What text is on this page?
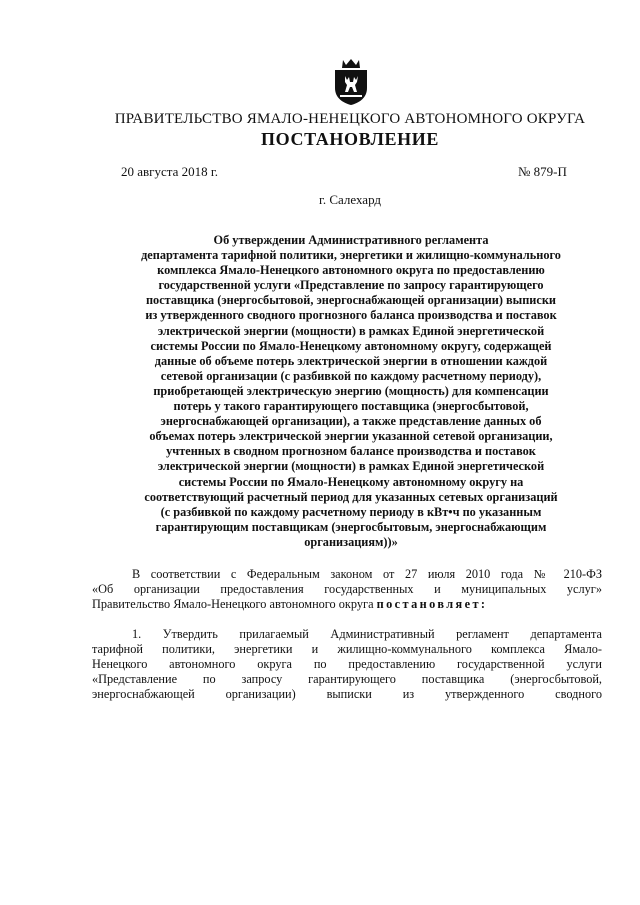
ПРАВИТЕЛЬСТВО ЯМАЛО-НЕНЕЦКОГО АВТОНОМНОГО ОКРУГА
ПОСТАНОВЛЕНИЕ
20 августа 2018 г.	№ 879-П
г. Салехард
Об утверждении Административного регламента
департамента тарифной политики, энергетики и жилищно-коммунального
комплекса Ямало-Ненецкого автономного округа по предоставлению
государственной услуги «Представление по запросу гарантирующего
поставщика (энергосбытовой, энергоснабжающей организации) выписки
из утвержденного сводного прогнозного баланса производства и поставок
электрической энергии (мощности) в рамках Единой энергетической
системы России по Ямало-Ненецкому автономному округу, содержащей
данные об объеме потерь электрической энергии в отношении каждой
сетевой организации (с разбивкой по каждому расчетному периоду),
приобретающей электрическую энергию (мощность) для компенсации
потерь у такого гарантирующего поставщика (энергосбытовой,
энергоснабжающей организации), а также представление данных об
объемах потерь электрической энергии указанной сетевой организации,
учтенных в сводном прогнозном балансе производства и поставок
электрической энергии (мощности) в рамках Единой энергетической
системы России по Ямало-Ненецкому автономному округу на
соответствующий расчетный период для указанных сетевых организаций
(с разбивкой по каждому расчетному периоду в кВт•ч по указанным
гарантирующим поставщикам (энергосбытовым, энергоснабжающим
организациям))»
В соответствии с Федеральным законом от 27 июля 2010 года № 210-ФЗ
«Об организации предоставления государственных и муниципальных услуг»
Правительство Ямало-Ненецкого автономного округа постановляет:
1. Утвердить прилагаемый Административный регламент департамента
тарифной политики, энергетики и жилищно-коммунального комплекса Ямало-
Ненецкого автономного округа по предоставлению государственной услуги
«Представление по запросу гарантирующего поставщика (энергосбытовой,
энергоснабжающей организации) выписки из утвержденного сводного
